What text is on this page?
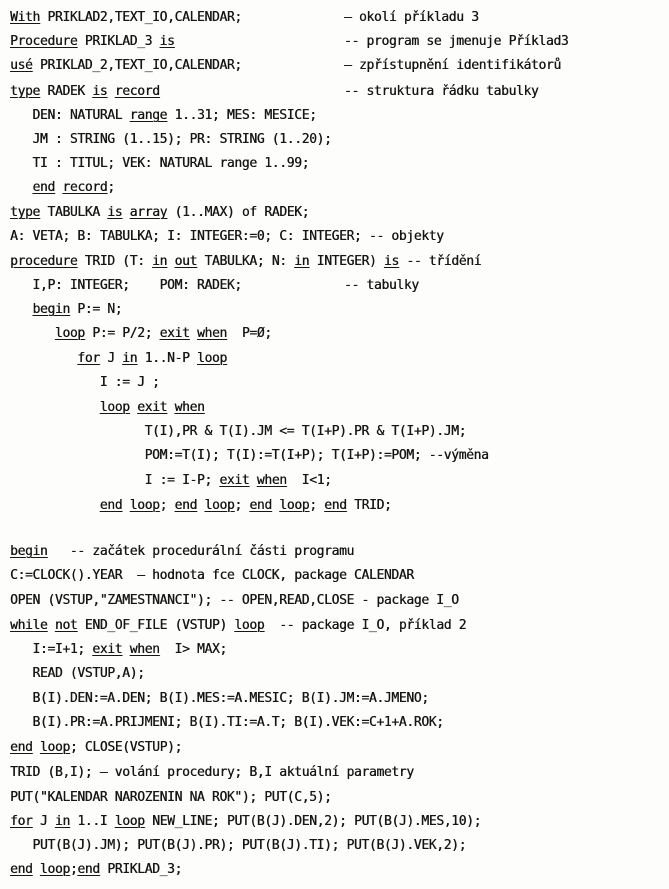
With PRIKLAD2,TEXT_IO,CALENDAR;	— okolí příkladu 3
Procedure PRIKLAD_3 is	-- program se jmenuje Příklad3
usé PRIKLAD_2,TEXT_IO,CALENDAR;	— zpřístupnění identifikátorů
type RADEK is record	-- struktura řádku tabulky
DEN: NATURAL range 1..31; MES: MESICE;
JM : STRING (1..15); PR: STRING (1..20);
TI : TITUL; VEK: NATURAL range 1..99;
end record;
type TABULKA is array (1..MAX) of RADEK;
A: VETA; B: TABULKA; I: INTEGER:=0; C: INTEGER; -- objekty
procedure TRID (T: in out TABULKA; N: in INTEGER) is -- třídění
I,P: INTEGER;    POM: RADEK;	-- tabulky
begin P:= N;
loop P:= P/2; exit when  P=Ø;
for J in 1..N-P loop
I := J ;
loop exit when
T(I),PR & T(I).JM <= T(I+P).PR & T(I+P).JM;
POM:=T(I); T(I):=T(I+P); T(I+P):=POM; --výměna
I := I-P; exit when  I<1;
end loop; end loop; end loop; end TRID;
begin   -- začátek procedurální části programu
C:=CLOCK().YEAR  — hodnota fce CLOCK, package CALENDAR
OPEN (VSTUP,"ZAMESTNANCI"); -- OPEN,READ,CLOSE - package I_O
while not END_OF_FILE (VSTUP) loop  -- package I_O, příklad 2
I:=I+1; exit when  I> MAX;
READ (VSTUP,A);
B(I).DEN:=A.DEN; B(I).MES:=A.MESIC; B(I).JM:=A.JMENO;
B(I).PR:=A.PRIJMENI; B(I).TI:=A.T; B(I).VEK:=C+1+A.ROK;
end loop; CLOSE(VSTUP);
TRID (B,I); — volání procedury; B,I aktuální parametry
PUT("KALENDAR NAROZENIN NA ROK"); PUT(C,5);
for J in 1..I loop NEW_LINE; PUT(B(J).DEN,2); PUT(B(J).MES,10);
PUT(B(J).JM); PUT(B(J).PR); PUT(B(J).TI); PUT(B(J).VEK,2);
end loop;end PRIKLAD_3;
